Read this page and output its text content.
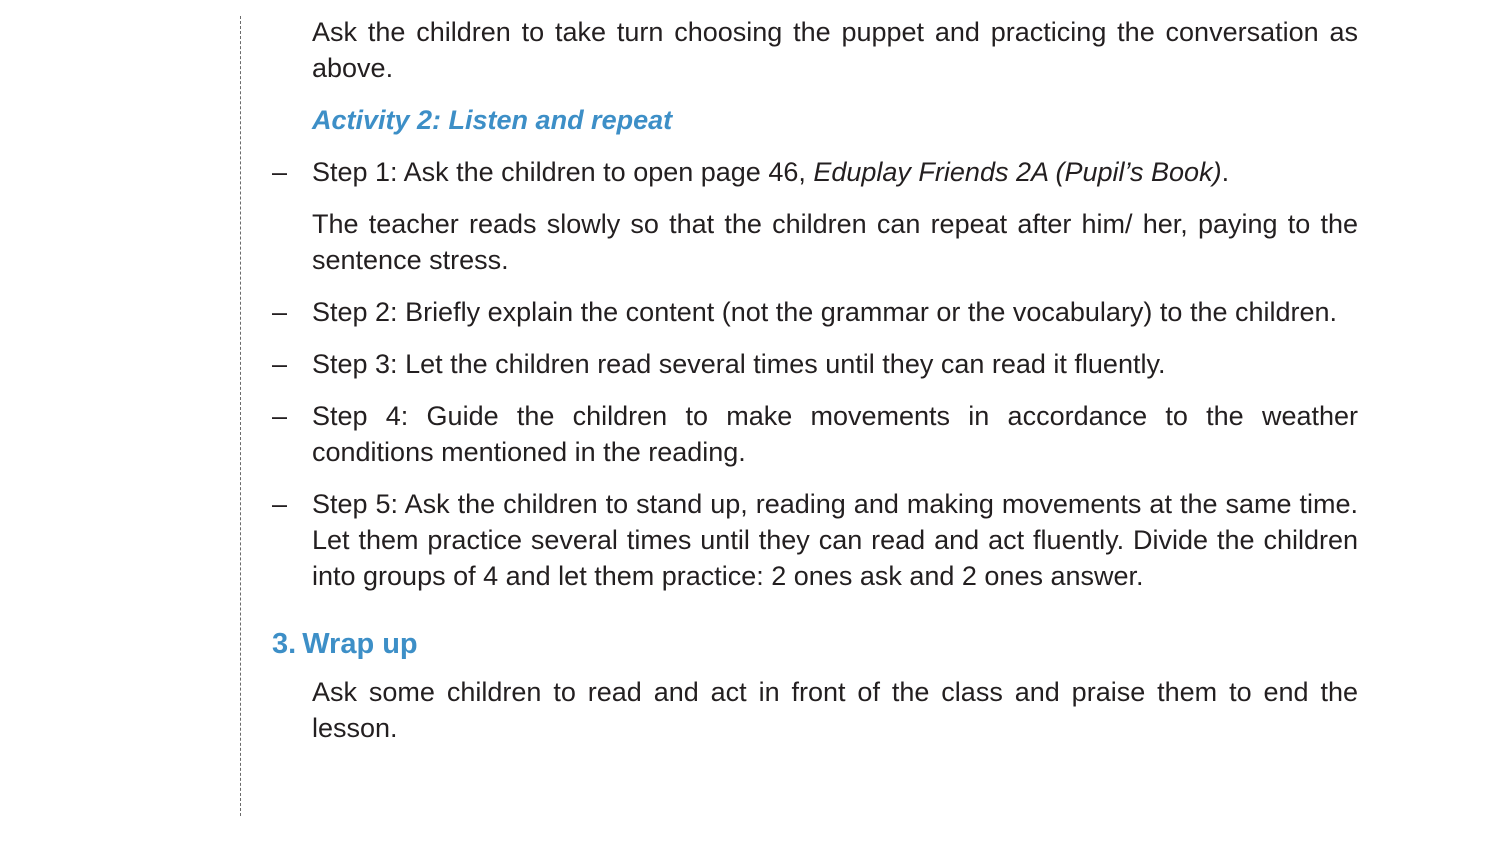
Ask the children to take turn choosing the puppet and practicing the conversation as above.

Activity 2: Listen and repeat
– Step 1: Ask the children to open page 46, Eduplay Friends 2A (Pupil’s Book).

The teacher reads slowly so that the children can repeat after him/ her, paying to the sentence stress.

– Step 2: Briefly explain the content (not the grammar or the vocabulary) to the children.
– Step 3: Let the children read several times until they can read it fluently.
– Step 4: Guide the children to make movements in accordance to the weather conditions mentioned in the reading.
– Step 5: Ask the children to stand up, reading and making movements at the same time. Let them practice several times until they can read and act fluently. Divide the children into groups of 4 and let them practice: 2 ones ask and 2 ones answer.
3. Wrap up

Ask some children to read and act in front of the class and praise them to end the lesson.
